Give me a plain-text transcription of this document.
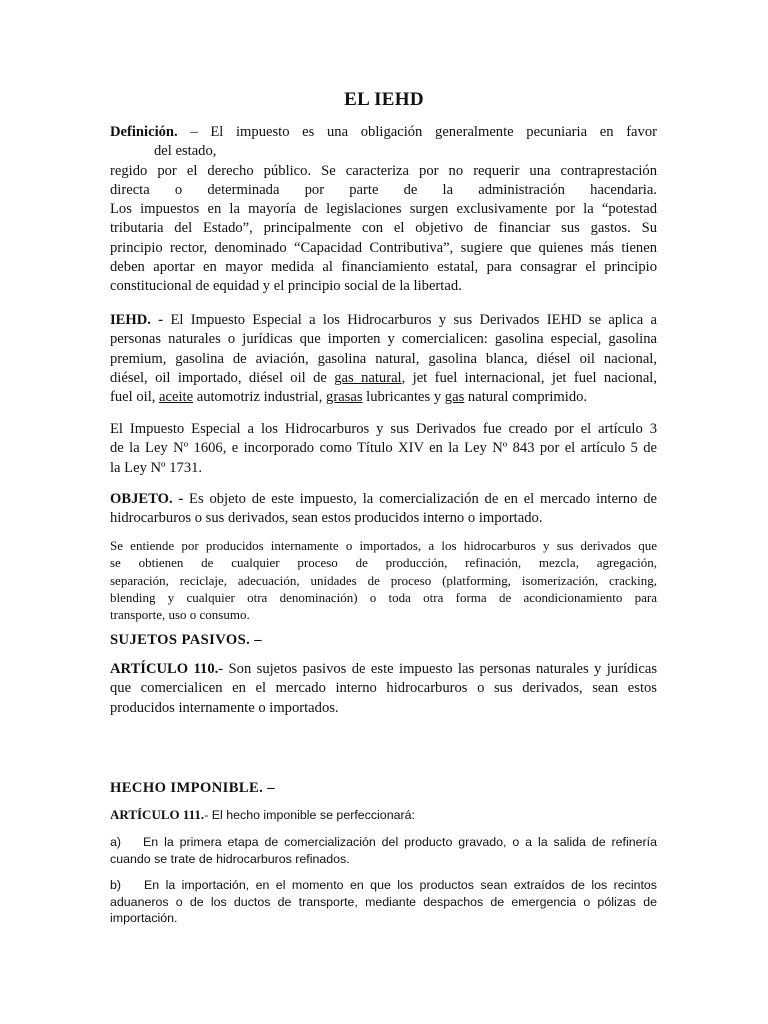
EL IEHD
Definición. – El impuesto es una obligación generalmente pecuniaria en favor
del estado,
regido por el derecho público. Se caracteriza por no requerir una contraprestación
directa o determinada por parte de la administración hacendaria.
Los impuestos en la mayoría de legislaciones surgen exclusivamente por la “potestad
tributaria del Estado”, principalmente con el objetivo de financiar sus gastos. Su
principio rector, denominado “Capacidad Contributiva”, sugiere que quienes más tienen
deben aportar en mayor medida al financiamiento estatal, para consagrar el principio
constitucional de equidad y el principio social de la libertad.
IEHD. - El Impuesto Especial a los Hidrocarburos y sus Derivados IEHD se aplica a
personas naturales o jurídicas que importen y comercialicen: gasolina especial, gasolina
premium, gasolina de aviación, gasolina natural, gasolina blanca, diésel oil nacional,
diésel, oil importado, diésel oil de gas natural, jet fuel internacional, jet fuel nacional,
fuel oil, aceite automotriz industrial, grasas lubricantes y gas natural comprimido.
El Impuesto Especial a los Hidrocarburos y sus Derivados fue creado por el artículo 3
de la Ley Nº 1606, e incorporado como Título XIV en la Ley Nº 843 por el artículo 5 de
la Ley Nº 1731.
OBJETO. - Es objeto de este impuesto, la comercialización de en el mercado interno de
hidrocarburos o sus derivados, sean estos producidos interno o importado.
Se entiende por producidos internamente o importados, a los hidrocarburos y sus derivados que
se obtienen de cualquier proceso de producción, refinación, mezcla, agregación,
separación, reciclaje, adecuación, unidades de proceso (platforming, isomerización, cracking,
blending y cualquier otra denominación) o toda otra forma de acondicionamiento para
transporte, uso o consumo.
SUJETOS PASIVOS. –
ARTÍCULO 110.- Son sujetos pasivos de este impuesto las personas naturales y jurídicas
que comercialicen en el mercado interno hidrocarburos o sus derivados, sean estos
producidos internamente o importados.
HECHO IMPONIBLE. –
ARTÍCULO 111.- El hecho imponible se perfeccionará:
a) En la primera etapa de comercialización del producto gravado, o a la salida de refinería
cuando se trate de hidrocarburos refinados.
b) En la importación, en el momento en que los productos sean extraídos de los recintos
aduaneros o de los ductos de transporte, mediante despachos de emergencia o pólizas de
importación.
